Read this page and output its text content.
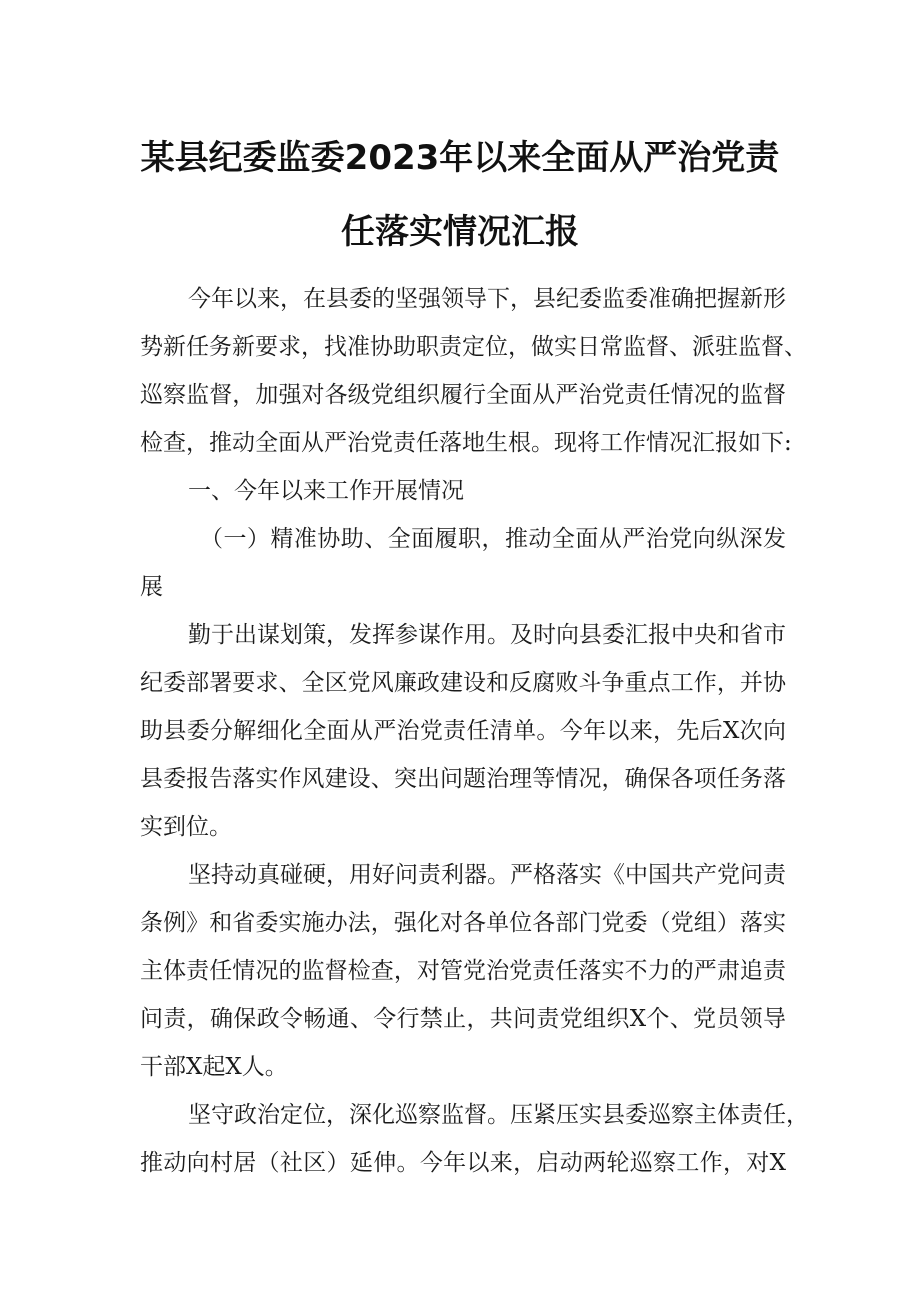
某县纪委监委2023年以来全面从严治党责
任落实情况汇报
今年以来，在县委的坚强领导下，县纪委监委准确把握新形
势新任务新要求，找准协助职责定位，做实日常监督、派驻监督、
巡察监督，加强对各级党组织履行全面从严治党责任情况的监督
检查，推动全面从严治党责任落地生根。现将工作情况汇报如下:
一、今年以来工作开展情况
（一）精准协助、全面履职，推动全面从严治党向纵深发
展
勤于出谋划策，发挥参谋作用。及时向县委汇报中央和省市
纪委部署要求、全区党风廉政建设和反腐败斗争重点工作，并协
助县委分解细化全面从严治党责任清单。今年以来，先后X次向
县委报告落实作风建设、突出问题治理等情况，确保各项任务落
实到位。
坚持动真碰硬，用好问责利器。严格落实《中国共产党问责
条例》和省委实施办法，强化对各单位各部门党委（党组）落实
主体责任情况的监督检查，对管党治党责任落实不力的严肃追责
问责，确保政令畅通、令行禁止，共问责党组织X个、党员领导
干部X起X人。
坚守政治定位，深化巡察监督。压紧压实县委巡察主体责任，
推动向村居（社区）延伸。今年以来，启动两轮巡察工作，对X
